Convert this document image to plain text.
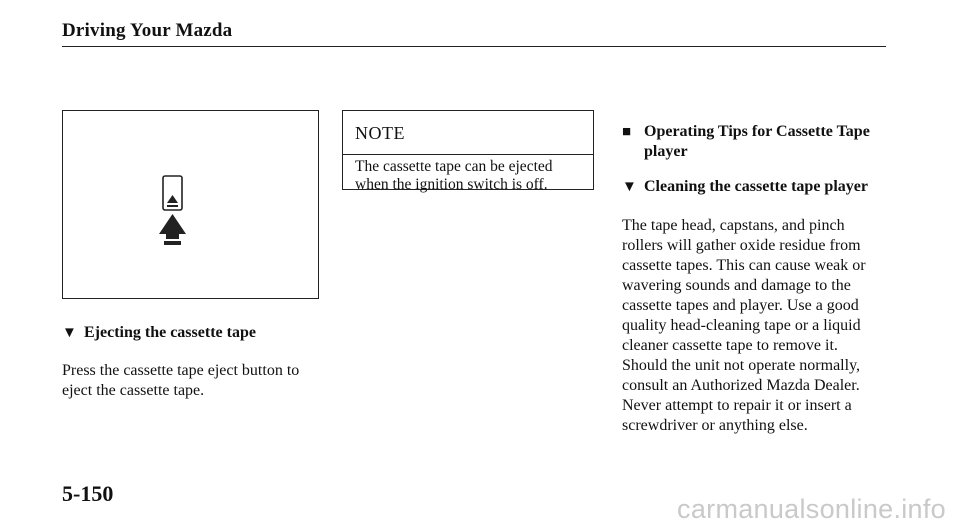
Driving Your Mazda
▼ Ejecting the cassette tape
Press the cassette tape eject button to
eject the cassette tape.
NOTE
The cassette tape can be ejected
when the ignition switch is off.
■ Operating Tips for Cassette Tape
player
▼ Cleaning the cassette tape player
The tape head, capstans, and pinch
rollers will gather oxide residue from
cassette tapes. This can cause weak or
wavering sounds and damage to the
cassette tapes and player. Use a good
quality head-cleaning tape or a liquid
cleaner cassette tape to remove it.
Should the unit not operate normally,
consult an Authorized Mazda Dealer.
Never attempt to repair it or insert a
screwdriver or anything else.
5-150
carmanualsonline.info
